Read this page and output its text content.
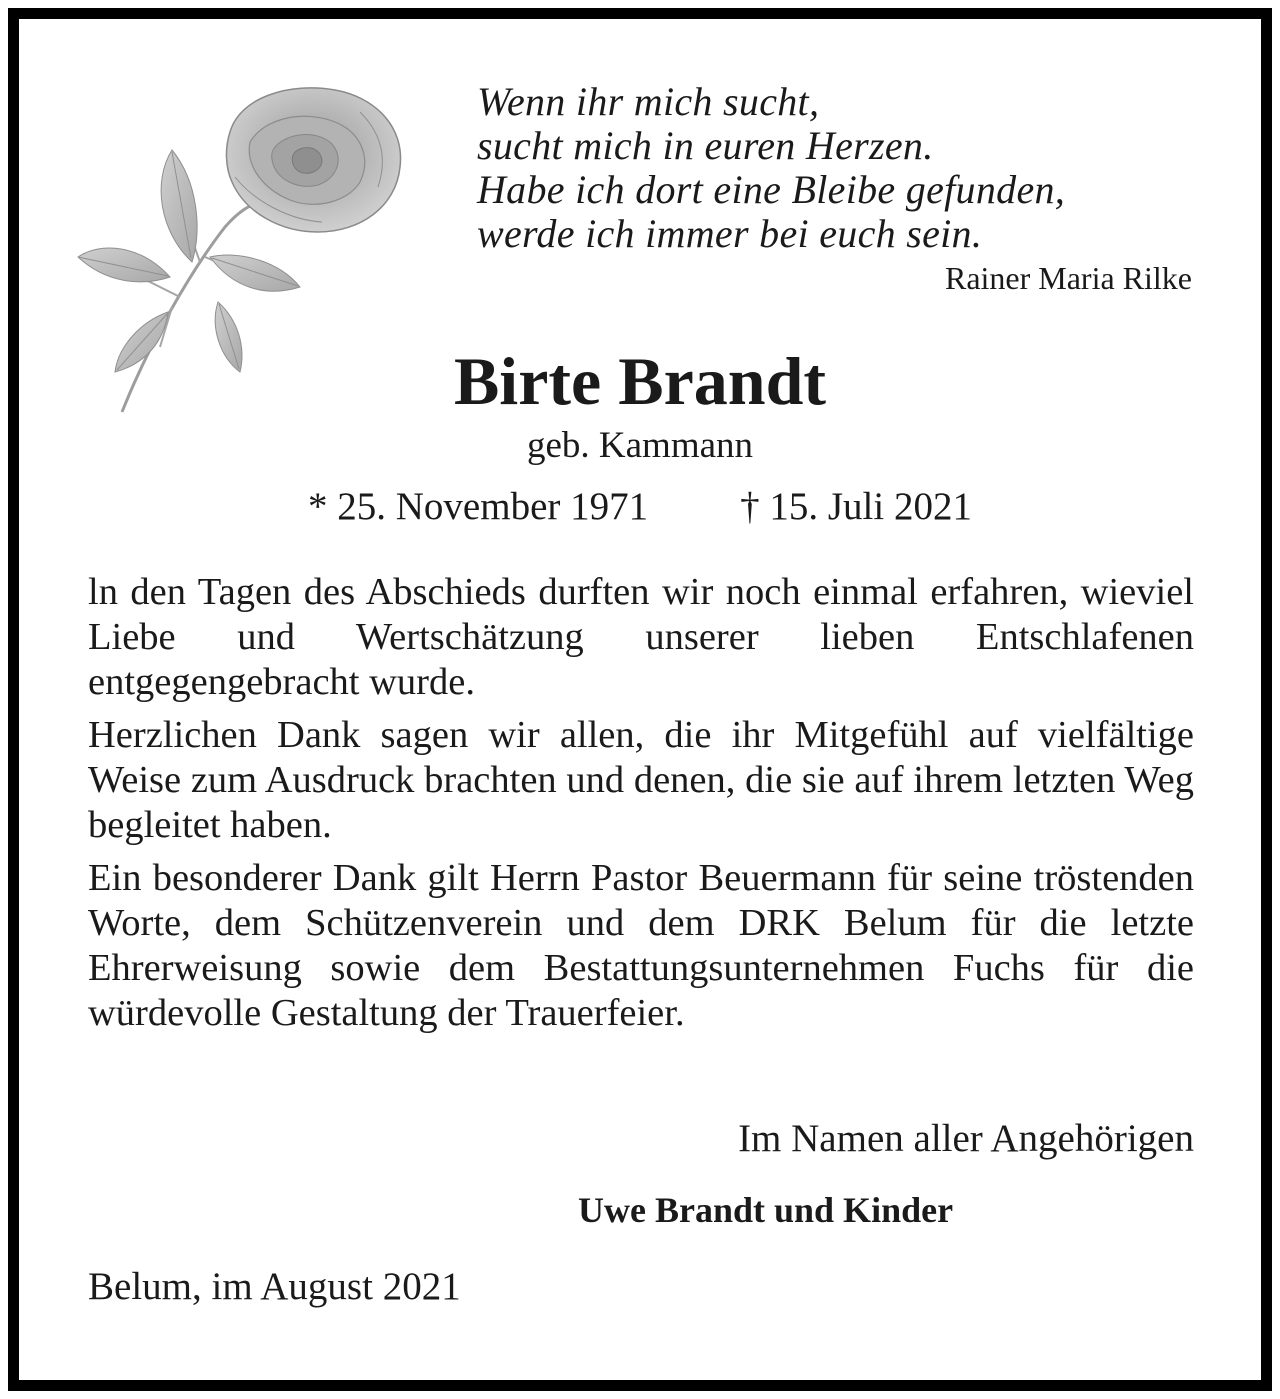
Wenn ihr mich sucht,
sucht mich in euren Herzen.
Habe ich dort eine Bleibe gefunden,
werde ich immer bei euch sein.
Rainer Maria Rilke
Birte Brandt
geb. Kammann
* 25. November 1971 † 15. Juli 2021

ln den Tagen des Abschieds durften wir noch einmal erfahren, wieviel Liebe und Wertschätzung unserer lieben Entschlafenen entgegengebracht wurde.

Herzlichen Dank sagen wir allen, die ihr Mitgefühl auf vielfältige Weise zum Ausdruck brachten und denen, die sie auf ihrem letzten Weg begleitet haben.

Ein besonderer Dank gilt Herrn Pastor Beuermann für seine tröstenden Worte, dem Schützenverein und dem DRK Belum für die letzte Ehrerweisung sowie dem Bestattungsunternehmen Fuchs für die würdevolle Gestaltung der Trauerfeier.

Im Namen aller Angehörigen
Uwe Brandt und Kinder
Belum, im August 2021
